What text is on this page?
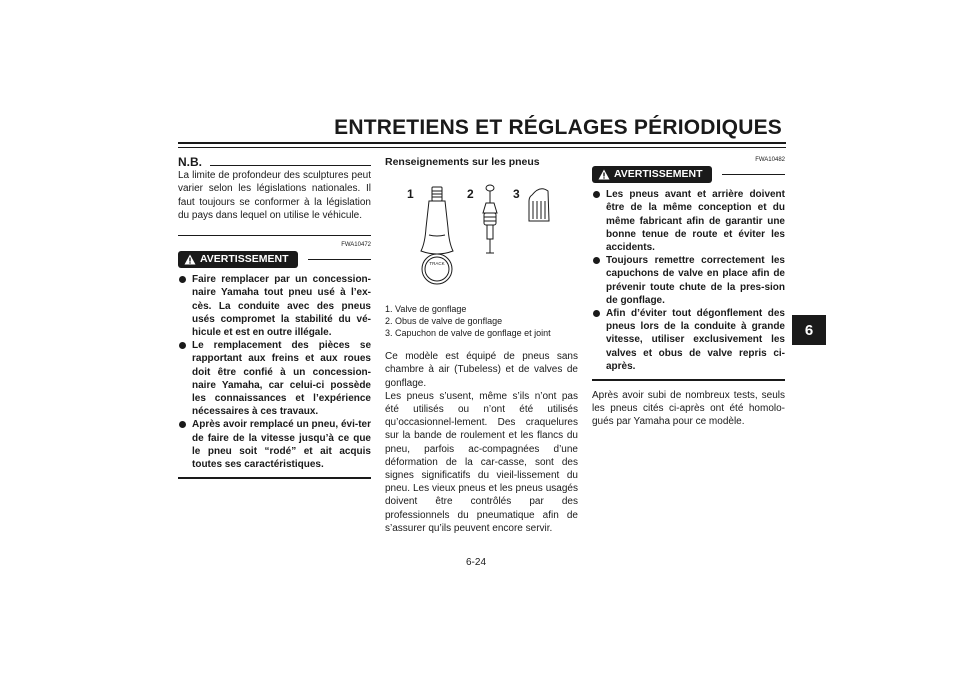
ENTRETIENS ET RÉGLAGES PÉRIODIQUES
6
N.B.

La limite de profondeur des sculptures peut varier selon les législations nationales. Il faut toujours se conformer à la législation du pays dans lequel on utilise le véhicule.

FWA10472
AVERTISSEMENT
Faire remplacer par un concession-naire Yamaha tout pneu usé à l’ex-cès. La conduite avec des pneus usés compromet la stabilité du vé-hicule et est en outre illégale.
Le remplacement des pièces se rapportant aux freins et aux roues doit être confié à un concession-naire Yamaha, car celui-ci possède les connaissances et l’expérience nécessaires à ces travaux.
Après avoir remplacé un pneu, évi-ter de faire de la vitesse jusqu’à ce que le pneu soit “rodé” et ait acquis toutes ses caractéristiques.
Renseignements sur les pneus
1	2	3
TRACK

1. Valve de gonflage

2. Obus de valve de gonflage

3. Capuchon de valve de gonflage et joint

Ce modèle est équipé de pneus sans chambre à air (Tubeless) et de valves de gonflage.

Les pneus s’usent, même s’ils n’ont pas été utilisés ou n’ont été utilisés qu’occasionnel-lement. Des craquelures sur la bande de roulement et les flancs du pneu, parfois ac-compagnées d’une déformation de la car-casse, sont des signes significatifs du vieil-lissement du pneu. Les vieux pneus et les pneus usagés doivent être contrôlés par des professionnels du pneumatique afin de s’assurer qu’ils peuvent encore servir.

FWA10482
AVERTISSEMENT
Les pneus avant et arrière doivent être de la même conception et du même fabricant afin de garantir une bonne tenue de route et éviter les accidents.
Toujours remettre correctement les capuchons de valve en place afin de prévenir toute chute de la pres-sion de gonflage.
Afin d’éviter tout dégonflement des pneus lors de la conduite à grande vitesse, utiliser exclusivement les valves et obus de valve repris ci-après.

Après avoir subi de nombreux tests, seuls les pneus cités ci-après ont été homolo-gués par Yamaha pour ce modèle.

6-24
